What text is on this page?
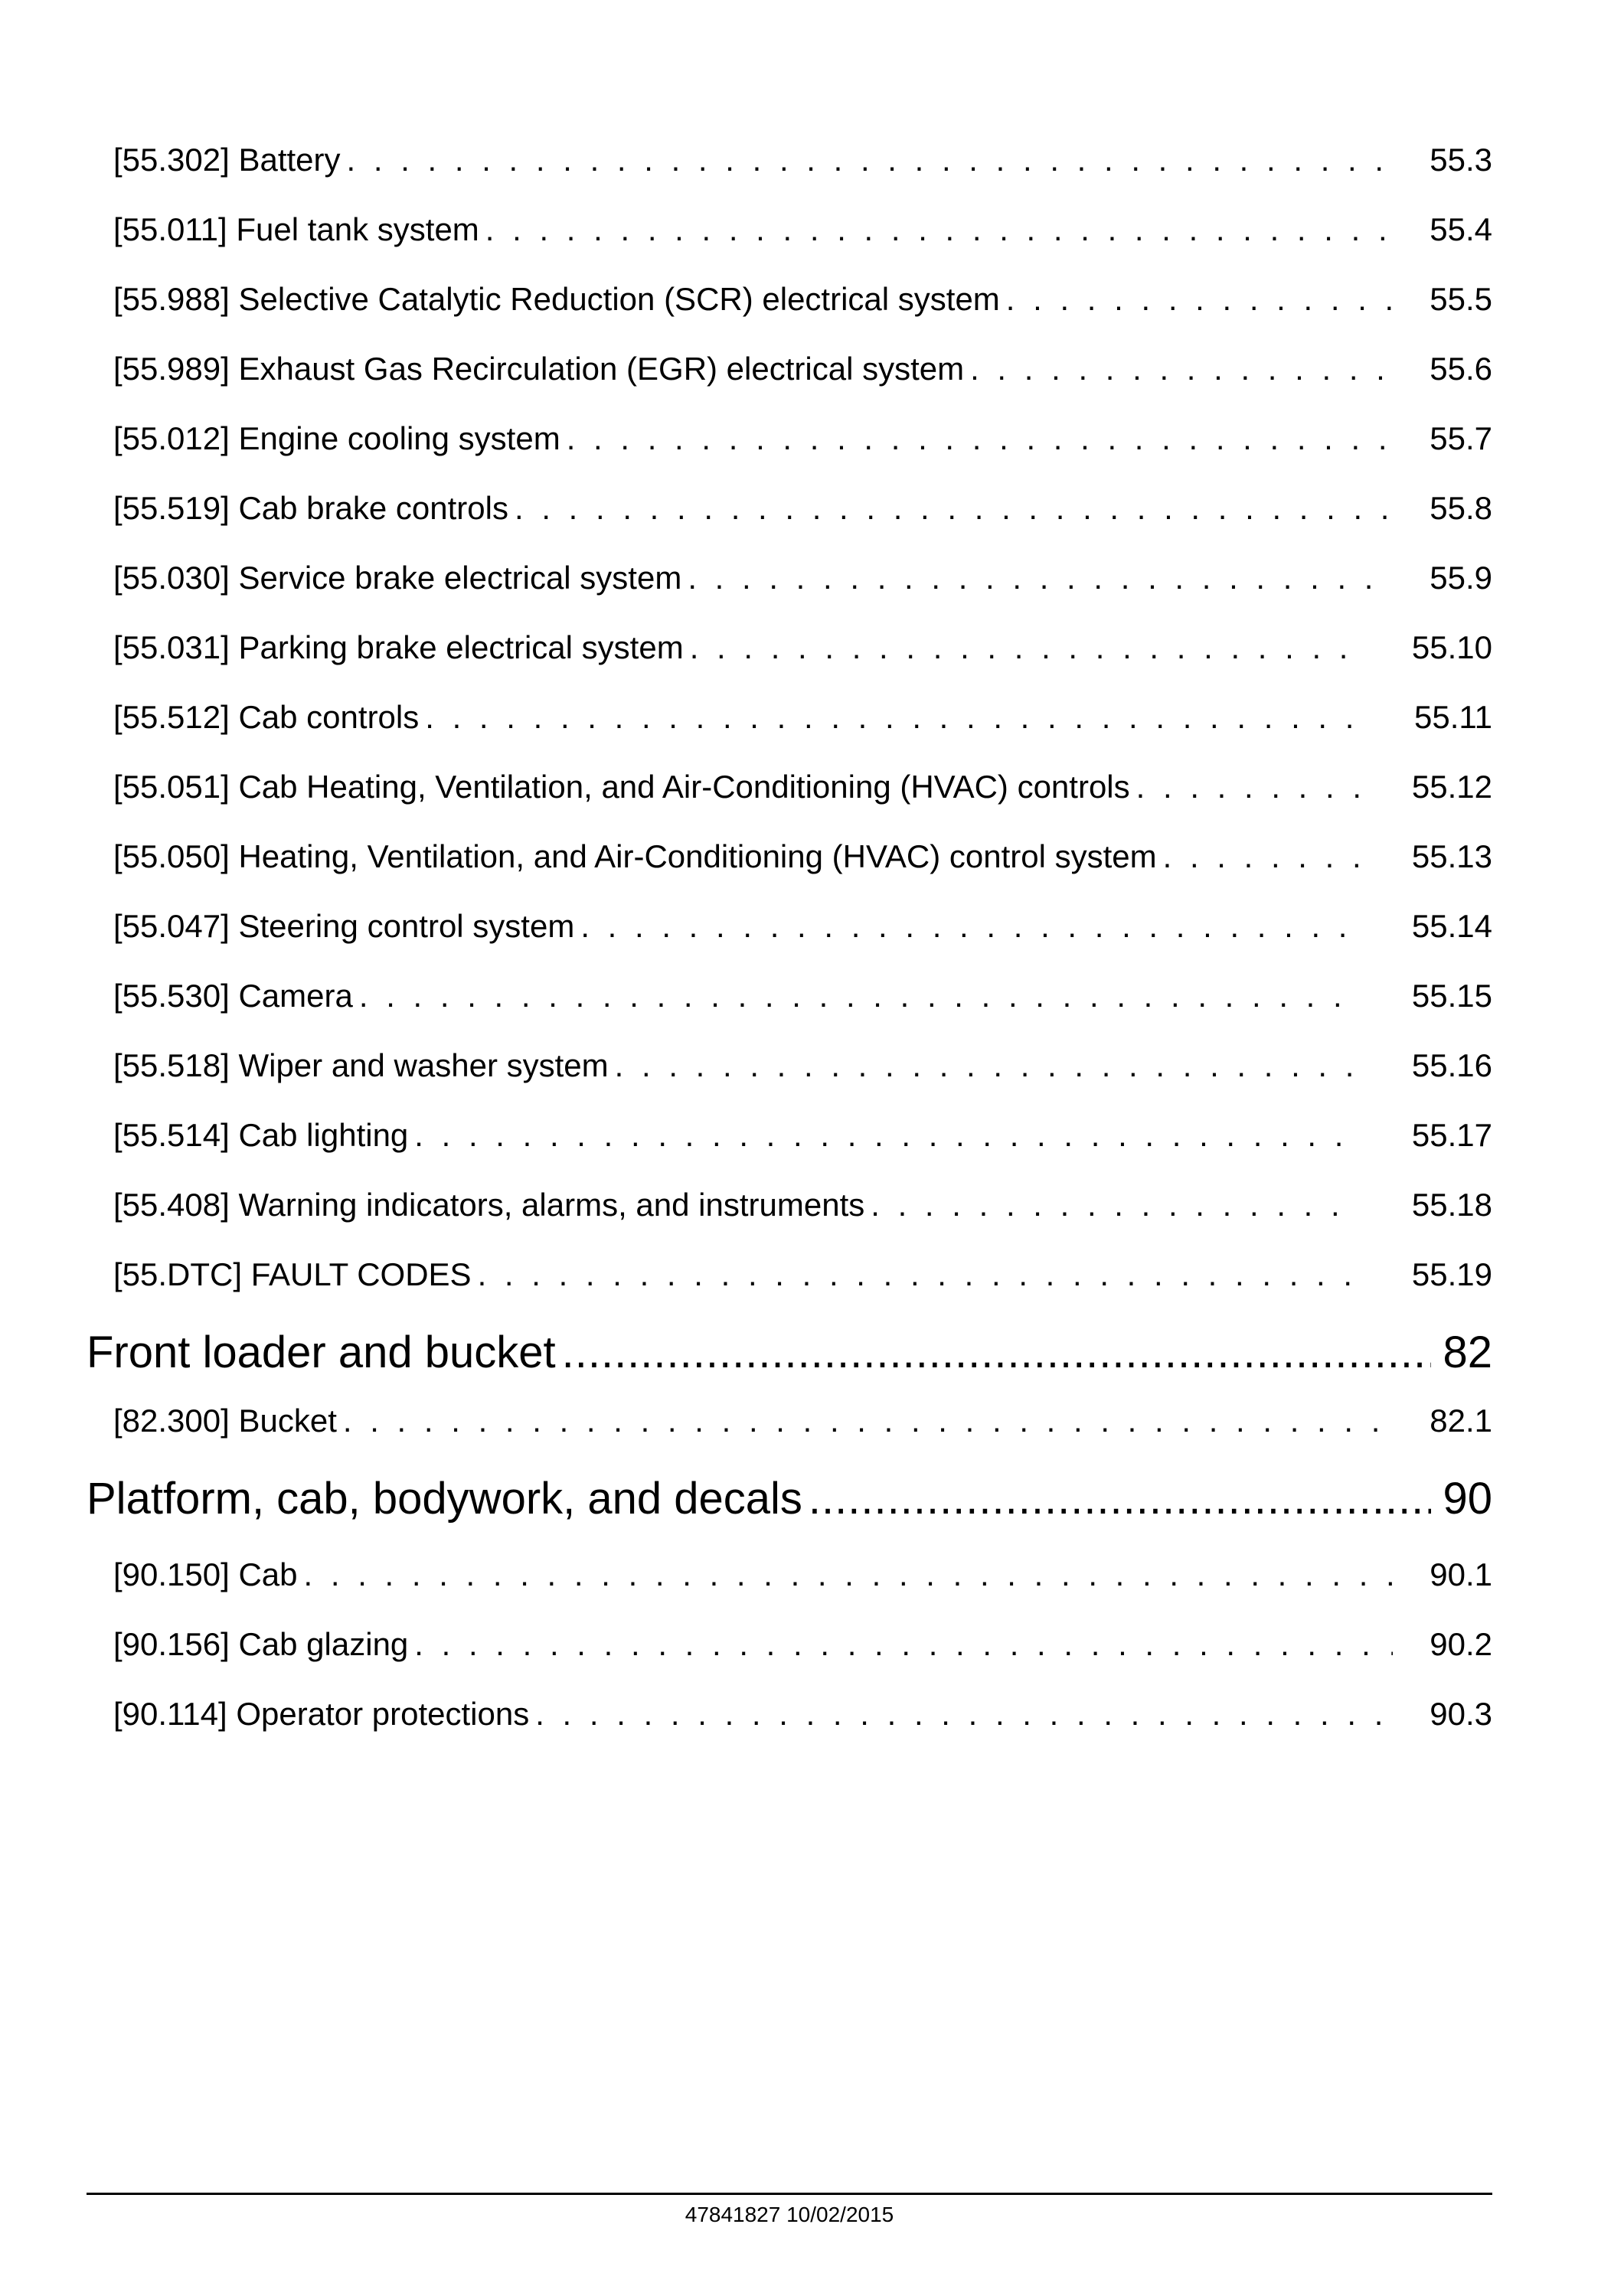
[55.302] Battery . . .	55.3
[55.011] Fuel tank system . . .	55.4
[55.988] Selective Catalytic Reduction (SCR) electrical system . . .	55.5
[55.989] Exhaust Gas Recirculation (EGR) electrical system . . .	55.6
[55.012] Engine cooling system . . .	55.7
[55.519] Cab brake controls . . .	55.8
[55.030] Service brake electrical system . . .	55.9
[55.031] Parking brake electrical system . . .	55.10
[55.512] Cab controls . . .	55.11
[55.051] Cab Heating, Ventilation, and Air-Conditioning (HVAC) controls . . .	55.12
[55.050] Heating, Ventilation, and Air-Conditioning (HVAC) control system . . .	55.13
[55.047] Steering control system . . .	55.14
[55.530] Camera . . .	55.15
[55.518] Wiper and washer system . . .	55.16
[55.514] Cab lighting . . .	55.17
[55.408] Warning indicators, alarms, and instruments . . .	55.18
[55.DTC] FAULT CODES . . .	55.19
Front loader and bucket .....	82
[82.300] Bucket . . .	82.1
Platform, cab, bodywork, and decals .....	90
[90.150] Cab . . .	90.1
[90.156] Cab glazing . . .	90.2
[90.114] Operator protections . . .	90.3
47841827 10/02/2015
